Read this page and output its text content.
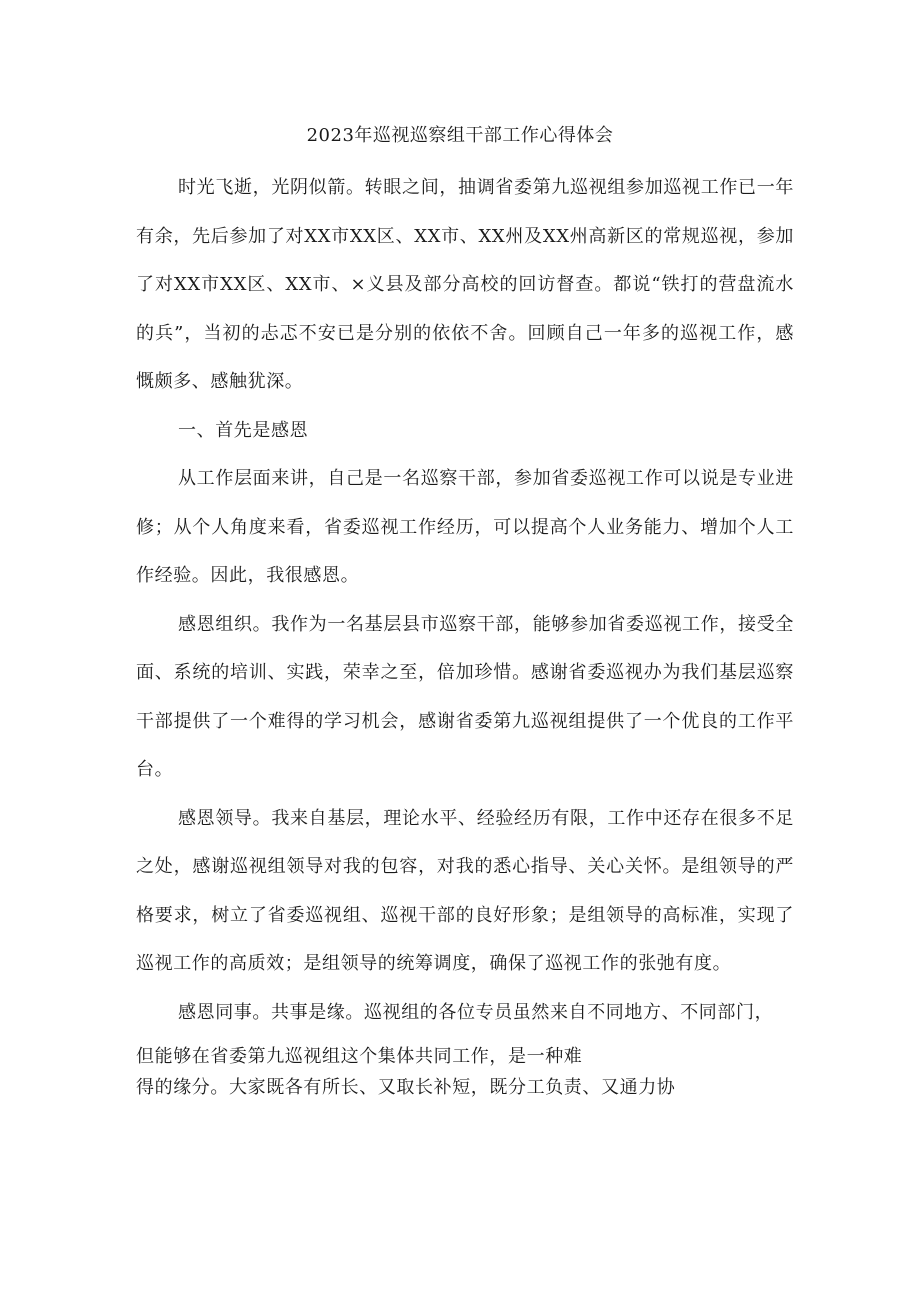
2023年巡视巡察组干部工作心得体会

时光飞逝，光阴似箭。转眼之间，抽调省委第九巡视组参加巡视工作已一年有余，先后参加了对XX市XX区、XX市、XX州及XX州高新区的常规巡视，参加了对XX市XX区、XX市、×义县及部分高校的回访督查。都说“铁打的营盘流水的兵”，当初的忐忑不安已是分别的依依不舍。回顾自己一年多的巡视工作，感慨颇多、感触犹深。

一、首先是感恩

从工作层面来讲，自己是一名巡察干部，参加省委巡视工作可以说是专业进修；从个人角度来看，省委巡视工作经历，可以提高个人业务能力、增加个人工作经验。因此，我很感恩。

感恩组织。我作为一名基层县市巡察干部，能够参加省委巡视工作，接受全面、系统的培训、实践，荣幸之至，倍加珍惜。感谢省委巡视办为我们基层巡察干部提供了一个难得的学习机会，感谢省委第九巡视组提供了一个优良的工作平台。

感恩领导。我来自基层，理论水平、经验经历有限，工作中还存在很多不足之处，感谢巡视组领导对我的包容，对我的悉心指导、关心关怀。是组领导的严格要求，树立了省委巡视组、巡视干部的良好形象；是组领导的高标准，实现了巡视工作的高质效；是组领导的统筹调度，确保了巡视工作的张弛有度。

感恩同事。共事是缘。巡视组的各位专员虽然来自不同地方、不同部门，

但能够在省委第九巡视组这个集体共同工作，是一种难
得的缘分。大家既各有所长、又取长补短，既分工负责、又通力协
